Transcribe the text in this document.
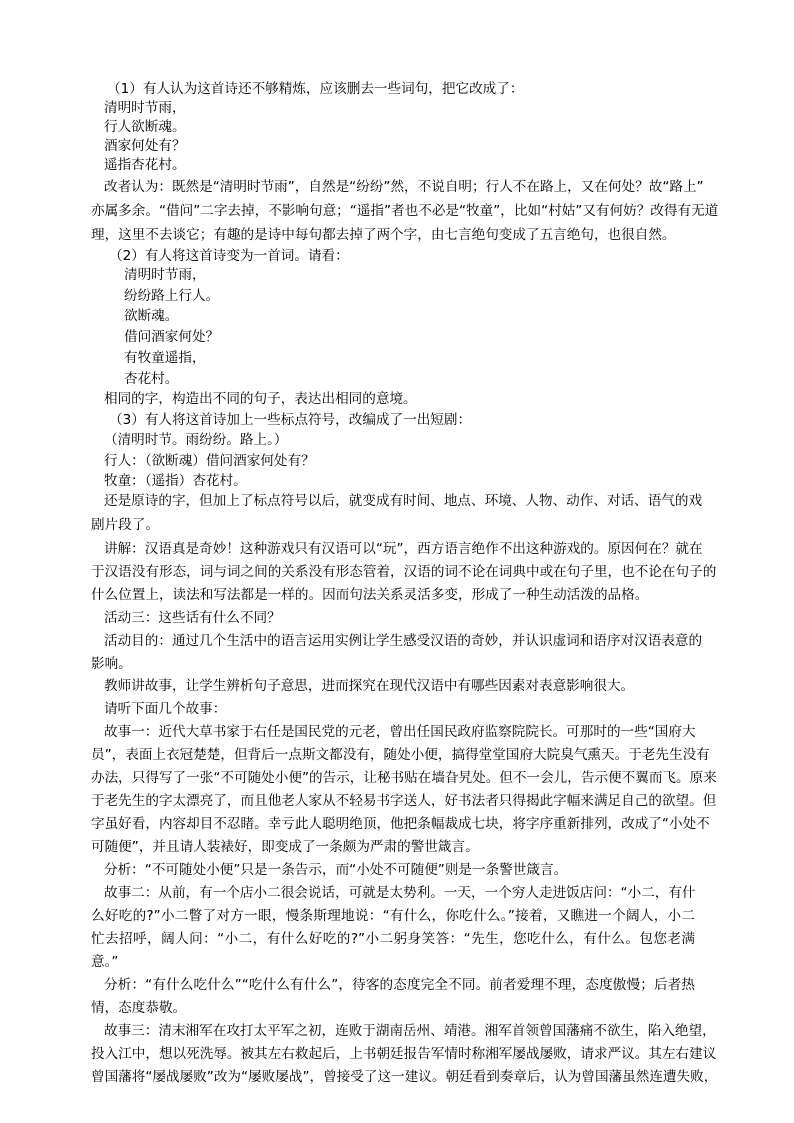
（1）有人认为这首诗还不够精炼，应该删去一些词句，把它改成了：
清明时节雨，
行人欲断魂。
酒家何处有？
遥指杏花村。
改者认为：既然是“清明时节雨”，自然是“纷纷”然，不说自明；行人不在路上，又在何处？故“路上”
亦属多余。“借问”二字去掉，不影响句意；“遥指”者也不必是“牧童”，比如“村姑”又有何妨？改得有无道
理，这里不去谈它；有趣的是诗中每句都去掉了两个字，由七言绝句变成了五言绝句，也很自然。
（2）有人将这首诗变为一首词。请看：
清明时节雨，
纷纷路上行人。
欲断魂。
借问酒家何处？
有牧童遥指，
杏花村。
相同的字，构造出不同的句子，表达出相同的意境。
（3）有人将这首诗加上一些标点符号，改编成了一出短剧：
（清明时节。雨纷纷。路上。）
行人：（欲断魂）借问酒家何处有？
牧童：（遥指）杏花村。
还是原诗的字，但加上了标点符号以后，就变成有时间、地点、环境、人物、动作、对话、语气的戏
剧片段了。
讲解：汉语真是奇妙！这种游戏只有汉语可以“玩”，西方语言绝作不出这种游戏的。原因何在？就在
于汉语没有形态，词与词之间的关系没有形态管着，汉语的词不论在词典中或在句子里，也不论在句子的
什么位置上，读法和写法都是一样的。因而句法关系灵活多变，形成了一种生动活泼的品格。
活动三：这些话有什么不同？
活动目的：通过几个生活中的语言运用实例让学生感受汉语的奇妙，并认识虚词和语序对汉语表意的
影响。
教师讲故事，让学生辨析句子意思，进而探究在现代汉语中有哪些因素对表意影响很大。
请听下面几个故事：
故事一：近代大草书家于右任是国民党的元老，曾出任国民政府监察院院长。可那时的一些“国府大
员”，表面上衣冠楚楚，但背后一点斯文都没有，随处小便，搞得堂堂国府大院臭气熏天。于老先生没有
办法，只得写了一张“不可随处小便”的告示，让秘书贴在墙旮旯处。但不一会儿，告示便不翼而飞。原来
于老先生的字太漂亮了，而且他老人家从不轻易书字送人，好书法者只得揭此字幅来满足自己的欲望。但
字虽好看，内容却目不忍睹。幸亏此人聪明绝顶，他把条幅裁成七块，将字序重新排列，改成了“小处不
可随便”，并且请人装裱好，即变成了一条颇为严肃的警世箴言。
分析：“不可随处小便”只是一条告示，而“小处不可随便”则是一条警世箴言。
故事二：从前，有一个店小二很会说话，可就是太势利。一天，一个穷人走进饭店问：“小二，有什
么好吃的?”小二瞥了对方一眼，慢条斯理地说：“有什么，你吃什么。”接着，又瞧进一个阔人，小二
忙去招呼，阔人问：“小二，有什么好吃的?”小二躬身笑答：“先生，您吃什么，有什么。包您老满
意。”
分析：“有什么吃什么”“吃什么有什么”，待客的态度完全不同。前者爱理不理，态度傲慢；后者热
情，态度恭敬。
故事三：清末湘军在攻打太平军之初，连败于湖南岳州、靖港。湘军首领曾国藩痛不欲生，陷入绝望，
投入江中，想以死洗辱。被其左右救起后，上书朝廷报告军情时称湘军屡战屡败，请求严议。其左右建议
曾国藩将“屡战屡败”改为“屡败屡战”，曾接受了这一建议。朝廷看到奏章后，认为曾国藩虽然连遭失败，
